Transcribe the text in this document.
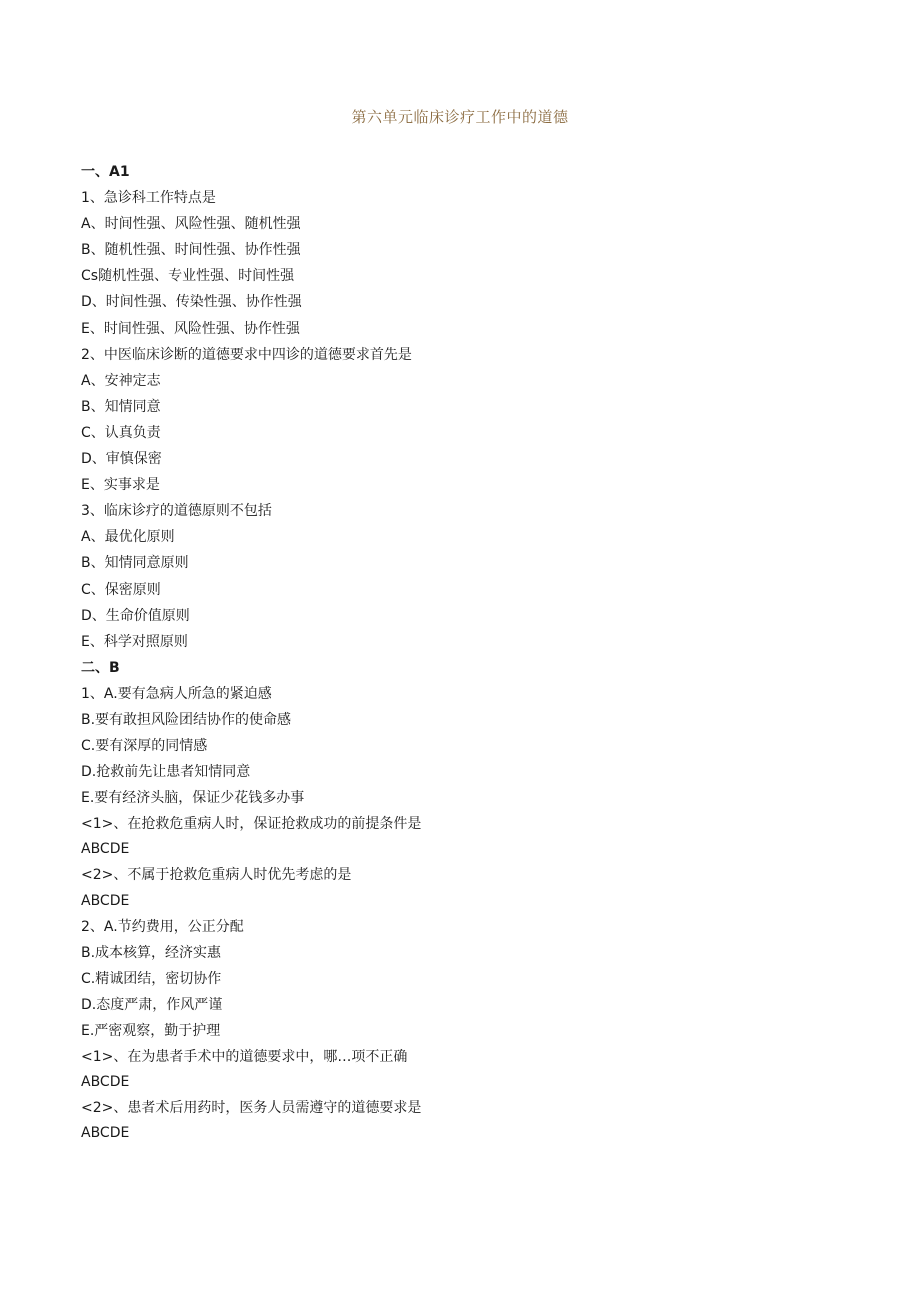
第六单元临床诊疗工作中的道德
一、A1
1、急诊科工作特点是
A、时间性强、风险性强、随机性强
B、随机性强、时间性强、协作性强
Cs随机性强、专业性强、时间性强
D、时间性强、传染性强、协作性强
E、时间性强、风险性强、协作性强
2、中医临床诊断的道德要求中四诊的道德要求首先是
A、安神定志
B、知情同意
C、认真负责
D、审慎保密
E、实事求是
3、临床诊疗的道德原则不包括
A、最优化原则
B、知情同意原则
C、保密原则
D、生命价值原则
E、科学对照原则
二、B
1、A.要有急病人所急的紧迫感
B.要有敢担风险团结协作的使命感
C.要有深厚的同情感
D.抢救前先让患者知情同意
E.要有经济头脑，保证少花钱多办事
<1>、在抢救危重病人时，保证抢救成功的前提条件是
ABCDE
<2>、不属于抢救危重病人时优先考虑的是
ABCDE
2、A.节约费用，公正分配
B.成本核算，经济实惠
C.精诚团结，密切协作
D.态度严肃，作风严谨
E.严密观察，勤于护理
<1>、在为患者手术中的道德要求中，哪…项不正确
ABCDE
<2>、患者术后用药时，医务人员需遵守的道德要求是
ABCDE
